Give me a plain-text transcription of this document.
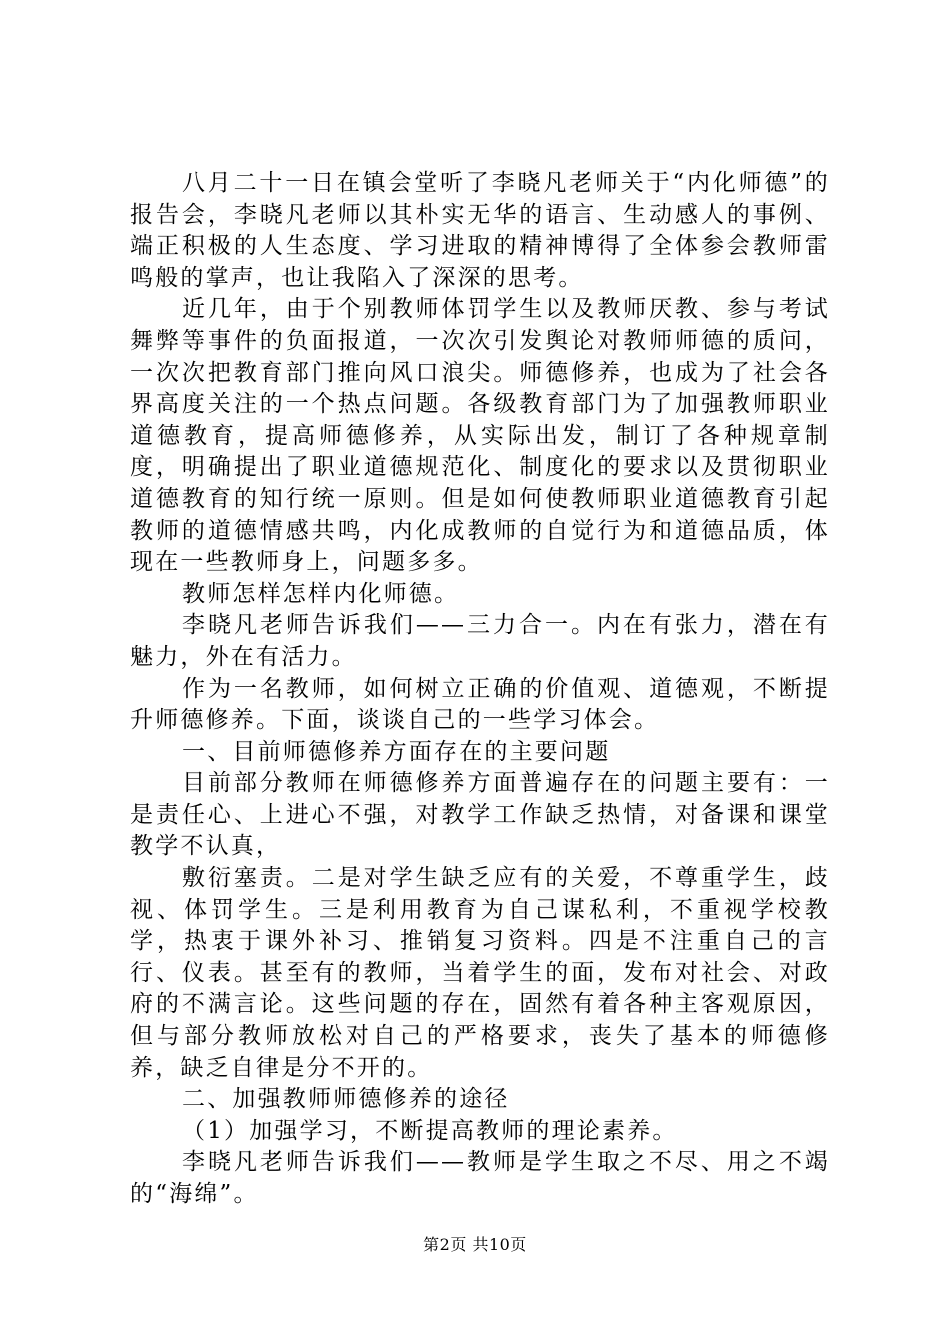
八月二十一日在镇会堂听了李晓凡老师关于“内化师德”的报告会，李晓凡老师以其朴实无华的语言、生动感人的事例、端正积极的人生态度、学习进取的精神博得了全体参会教师雷鸣般的掌声，也让我陷入了深深的思考。

近几年，由于个别教师体罚学生以及教师厌教、参与考试舞弊等事件的负面报道，一次次引发舆论对教师师德的质问，一次次把教育部门推向风口浪尖。师德修养，也成为了社会各界高度关注的一个热点问题。各级教育部门为了加强教师职业道德教育，提高师德修养，从实际出发，制订了各种规章制度，明确提出了职业道德规范化、制度化的要求以及贯彻职业道德教育的知行统一原则。但是如何使教师职业道德教育引起教师的道德情感共鸣，内化成教师的自觉行为和道德品质，体现在一些教师身上，问题多多。

教师怎样怎样内化师德。

李晓凡老师告诉我们——三力合一。内在有张力，潜在有魅力，外在有活力。

作为一名教师，如何树立正确的价值观、道德观，不断提升师德修养。下面，谈谈自己的一些学习体会。

一、目前师德修养方面存在的主要问题

目前部分教师在师德修养方面普遍存在的问题主要有：一是责任心、上进心不强，对教学工作缺乏热情，对备课和课堂教学不认真，

敷衍塞责。二是对学生缺乏应有的关爱，不尊重学生，歧视、体罚学生。三是利用教育为自己谋私利，不重视学校教学，热衷于课外补习、推销复习资料。四是不注重自己的言行、仪表。甚至有的教师，当着学生的面，发布对社会、对政府的不满言论。这些问题的存在，固然有着各种主客观原因，但与部分教师放松对自己的严格要求，丧失了基本的师德修养，缺乏自律是分不开的。

二、加强教师师德修养的途径

（1）加强学习，不断提高教师的理论素养。

李晓凡老师告诉我们——教师是学生取之不尽、用之不竭的“海绵”。

第2页 共10页
